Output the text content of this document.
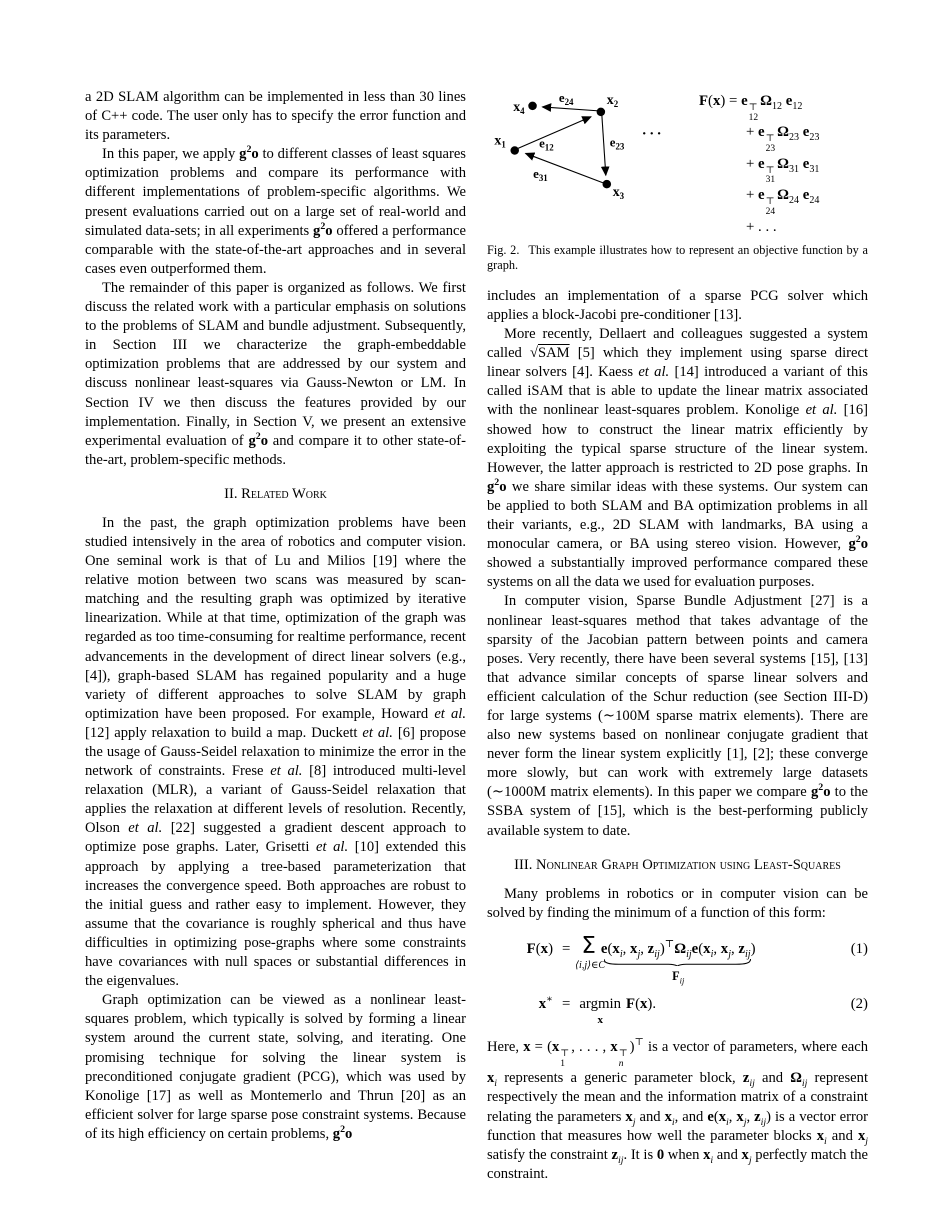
a 2D SLAM algorithm can be implemented in less than 30 lines of C++ code. The user only has to specify the error function and its parameters.

In this paper, we apply $g^2o$ to different classes of least squares optimization problems and compare its performance with different implementations of problem-specific algorithms. We present evaluations carried out on a large set of real-world and simulated data-sets; in all experiments $g^2o$ offered a performance comparable with the state-of-the-art approaches and in several cases even outperformed them.

The remainder of this paper is organized as follows. We first discuss the related work with a particular emphasis on solutions to the problems of SLAM and bundle adjustment. Subsequently, in Section III we characterize the graph-embeddable optimization problems that are addressed by our system and discuss nonlinear least-squares via Gauss-Newton or LM. In Section IV we then discuss the features provided by our implementation. Finally, in Section V, we present an extensive experimental evaluation of $g^2o$ and compare it to other state-of-the-art, problem-specific methods.

II. Related Work

In the past, the graph optimization problems have been studied intensively in the area of robotics and computer vision. One seminal work is that of Lu and Milios [19] where the relative motion between two scans was measured by scan-matching and the resulting graph was optimized by iterative linearization. While at that time, optimization of the graph was regarded as too time-consuming for realtime performance, recent advancements in the development of direct linear solvers (e.g., [4]), graph-based SLAM has regained popularity and a huge variety of different approaches to solve SLAM by graph optimization have been proposed. For example, Howard et al. [12] apply relaxation to build a map. Duckett et al. [6] propose the usage of Gauss-Seidel relaxation to minimize the error in the network of constraints. Frese et al. [8] introduced multi-level relaxation (MLR), a variant of Gauss-Seidel relaxation that applies the relaxation at different levels of resolution. Recently, Olson et al. [22] suggested a gradient descent approach to optimize pose graphs. Later, Grisetti et al. [10] extended this approach by applying a tree-based parameterization that increases the convergence speed. Both approaches are robust to the initial guess and rather easy to implement. However, they assume that the covariance is roughly spherical and thus have difficulties in optimizing pose-graphs where some constraints have covariances with null spaces or substantial differences in the eigenvalues.

Graph optimization can be viewed as a nonlinear least-squares problem, which typically is solved by forming a linear system around the current state, solving, and iterating. One promising technique for solving the linear system is preconditioned conjugate gradient (PCG), which was used by Konolige [17] as well as Montemerlo and Thrun [20] as an efficient solver for large sparse pose constraint systems. Because of its high efficiency on certain problems, $g^2o$

$x_4$
$x_2$
$x_1$
$x_3$
$e_{24}$
$e_{12}$	$e_{23}$
$e_{31}$
. . .
F(x) = e ⊤
12
$\Omega_{12}$ $e_{12}$
+ e ⊤
23
$\Omega_{23}$ $e_{23}$
+ e ⊤
31
$\Omega_{31}$ $e_{31}$
+ e ⊤
24
$\Omega_{24}$ $e_{24}$
+ . . .
Fig. 2. This example illustrates how to represent an objective function by a graph.

includes an implementation of a sparse PCG solver which applies a block-Jacobi pre-conditioner [13].

More recently, Dellaert and colleagues suggested a system called √SAM [5] which they implement using sparse direct linear solvers [4]. Kaess et al. [14] introduced a variant of this called iSAM that is able to update the linear matrix associated with the nonlinear least-squares problem. Konolige et al. [16] showed how to construct the linear matrix efficiently by exploiting the typical sparse structure of the linear system. However, the latter approach is restricted to 2D pose graphs. In $g^2o$ we share similar ideas with these systems. Our system can be applied to both SLAM and BA optimization problems in all their variants, e.g., 2D SLAM with landmarks, BA using a monocular camera, or BA using stereo vision. However, $g^2o$ showed a substantially improved performance compared these systems on all the data we used for evaluation purposes.

In computer vision, Sparse Bundle Adjustment [27] is a nonlinear least-squares method that takes advantage of the sparsity of the Jacobian pattern between points and camera poses. Very recently, there have been several systems [15], [13] that advance similar concepts of sparse linear solvers and efficient calculation of the Schur reduction (see Section III-D) for large systems (∼100M sparse matrix elements). There are also new systems based on nonlinear conjugate gradient that never form the linear system explicitly [1], [2]; these converge more slowly, but can work with extremely large datasets (∼1000M matrix elements). In this paper we compare $g^2o$ to the SSBA system of [15], which is the best-performing publicly available system to date.

III. Nonlinear Graph Optimization using Least-Squares

Many problems in robotics or in computer vision can be solved by finding the minimum of a function of this form:

F(x) = Σ
⟨i,j⟩∈C
$e(x_i$, $x_j$, $z_{ij})^⊤\Omega_{ij}e(x_i$, $x_j$, $z_{ij}$)
$F_{ij}$
(1)
x∗ = argmin
x
F(x).	(2)

Here, x = (x ⊤
1
, . . . , x ⊤
n
)⊤ is a vector of parameters, where each $x_i$ represents a generic parameter block, $z_{ij}$ and $\Omega_{ij}$ represent respectively the mean and the information matrix of a constraint relating the parameters $x_j$ and $x_i$, and $e(x_i$, $x_j$, $z_{ij}$) is a vector error function that measures how well the parameter blocks $x_i$ and $x_j$ satisfy the constraint $z_{ij}$. It is 0 when $x_i$ and $x_j$ perfectly match the constraint.
